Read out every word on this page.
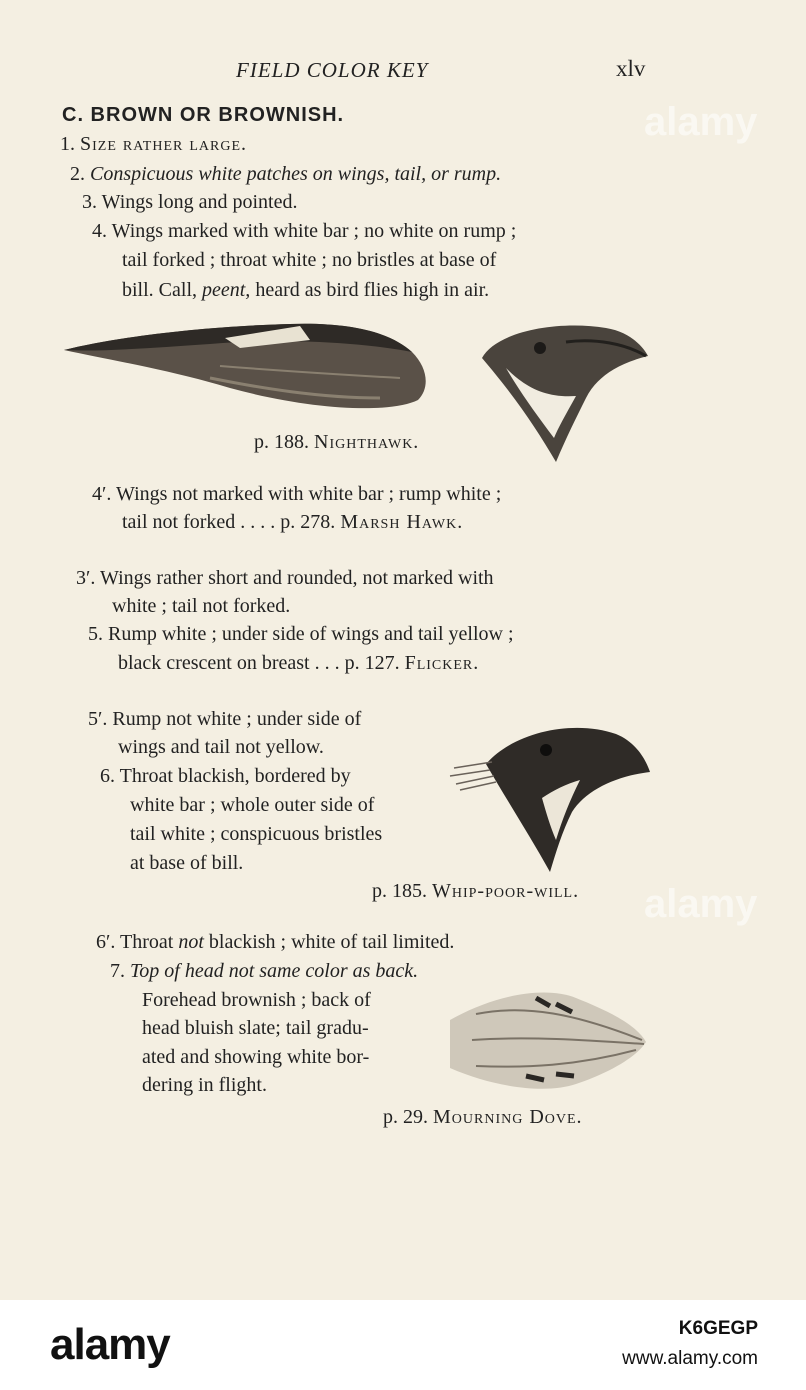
FIELD COLOR KEY	xlv
C. BROWN OR BROWNISH.
1. Size rather large.
2. Conspicuous white patches on wings, tail, or rump.
3. Wings long and pointed.
4. Wings marked with white bar ; no white on rump ;
tail forked ; throat white ; no bristles at base of
bill. Call, peent, heard as bird flies high in air.
p. 188. Nighthawk.
4′. Wings not marked with white bar ; rump white ;
tail not forked . . . . p. 278. Marsh Hawk.
3′. Wings rather short and rounded, not marked with
white ; tail not forked.
5. Rump white ; under side of wings and tail yellow ;
black crescent on breast . . . p. 127. Flicker.
5′. Rump not white ; under side of
wings and tail not yellow.
6. Throat blackish, bordered by
white bar ; whole outer side of
tail white ; conspicuous bristles
at base of bill.
p. 185. Whip-poor-will.
6′. Throat not blackish ; white of tail limited.
7. Top of head not same color as back.
Forehead brownish ; back of
head bluish slate; tail gradu-
ated and showing white bor-
dering in flight.
p. 29. Mourning Dove.
alamy
alamy
alamy	K6GEGP
www.alamy.com
